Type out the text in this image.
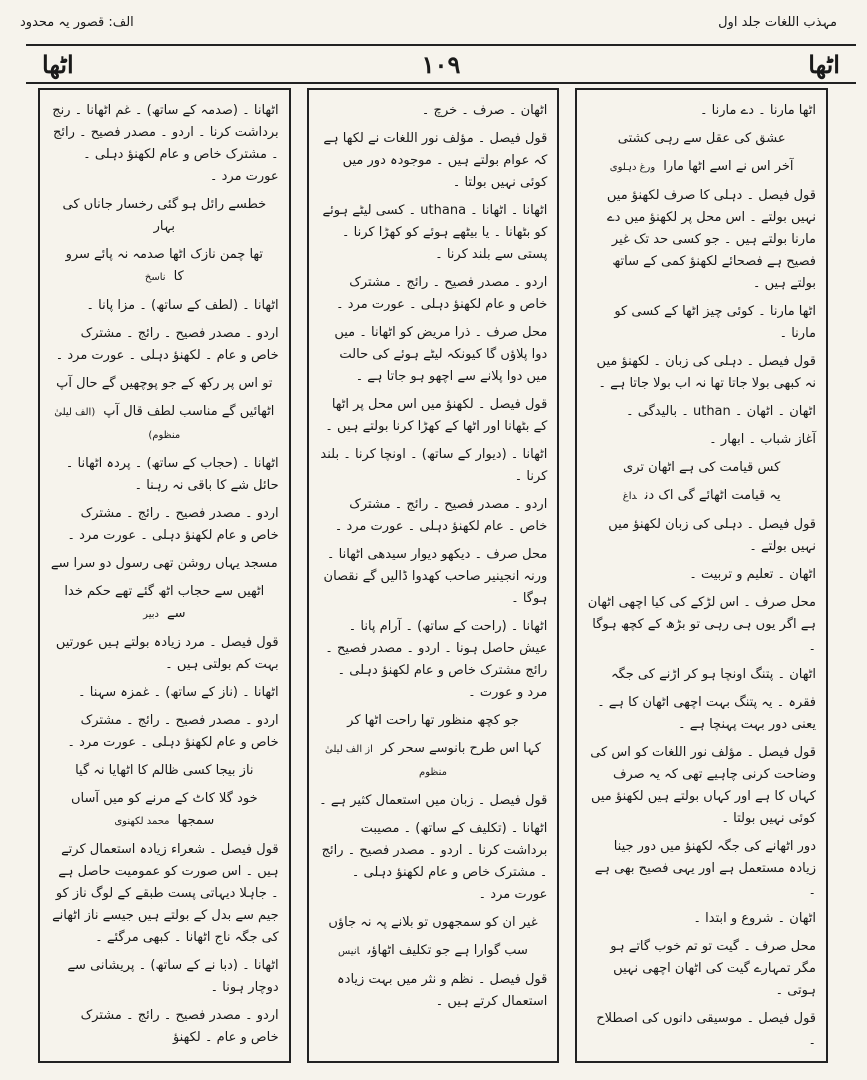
مہذب اللغات جلد اول
الف: قصور یہ محدود
اٹھا	۱۰۹	اٹھا

اٹھا مارنا ۔ دے مارنا ۔

عشق کی عقل سے رہی کشتی

آخر اس نے اسے اٹھا ماراورغ دہلوی

قول فیصل ۔ دہلی کا صرف لکھنؤ میں نہیں بولتے ۔ اس محل پر لکھنؤ میں دے مارنا بولتے ہیں ۔ جو کسی حد تک غیر فصیح ہے فصحائے لکھنؤ کمی کے ساتھ بولتے ہیں ۔

اٹھا مارنا ۔ کوئی چیز اٹھا کے کسی کو مارنا ۔

قول فیصل ۔ دہلی کی زبان ۔ لکھنؤ میں نہ کبھی بولا جاتا تھا نہ اب بولا جاتا ہے ۔

اٹھان ۔ اٹھان ۔ uthan ۔ بالیدگی ۔

آغاز شباب ۔ ابھار ۔

کس قیامت کی ہے اٹھان تری

یہ قیامت اٹھائے گی اک دنداغ

قول فیصل ۔ دہلی کی زبان لکھنؤ میں نہیں بولتے ۔

اٹھان ۔ تعلیم و تربیت ۔

محل صرف ۔ اس لڑکے کی کیا اچھی اٹھان ہے اگر یوں ہی رہی تو بڑھ کے کچھ ہوگا ۔

اٹھان ۔ پتنگ اونچا ہو کر اڑنے کی جگہ

فقرہ ۔ یہ پتنگ بہت اچھی اٹھان کا ہے ۔ یعنی دور بہت پہنچا ہے ۔

قول فیصل ۔ مؤلف نور اللغات کو اس کی وضاحت کرنی چاہیے تھی کہ یہ صرف کہاں کا ہے اور کہاں بولتے ہیں لکھنؤ میں کوئی نہیں بولتا ۔

دور اٹھانے کی جگہ لکھنؤ میں دور جینا زیادہ مستعمل ہے اور یہی فصیح بھی ہے ۔

اٹھان ۔ شروع و ابتدا ۔

محل صرف ۔ گیت تو تم خوب گاتے ہو مگر تمہارے گیت کی اٹھان اچھی نہیں ہوتی ۔

قول فیصل ۔ موسیقی دانوں کی اصطلاح ۔

اٹھان ۔ صرف ۔ خرچ ۔

قول فیصل ۔ مؤلف نور اللغات نے لکھا ہے کہ عوام بولتے ہیں ۔ موجودہ دور میں کوئی نہیں بولتا ۔

اٹھانا ۔ اٹھانا ۔ uthana ۔ کسی لیٹے ہوئے کو بٹھانا ۔ یا بیٹھے ہوئے کو کھڑا کرنا ۔ پستی سے بلند کرنا ۔

اردو ۔ مصدر فصیح ۔ رائج ۔ مشترک خاص و عام لکھنؤ دہلی ۔ عورت مرد ۔

محل صرف ۔ ذرا مریض کو اٹھانا ۔ میں دوا پلاؤں گا کیونکہ لیٹے ہوئے کی حالت میں دوا پلانے سے اچھو ہو جاتا ہے ۔

قول فیصل ۔ لکھنؤ میں اس محل پر اٹھا کے بٹھانا اور اٹھا کے کھڑا کرنا بولتے ہیں ۔

اٹھانا ۔ (دیوار کے ساتھ) ۔ اونچا کرنا ۔ بلند کرنا ۔

اردو ۔ مصدر فصیح ۔ رائج ۔ مشترک خاص ۔ عام لکھنؤ دہلی ۔ عورت مرد ۔

محل صرف ۔ دیکھو دیوار سیدھی اٹھانا ۔ ورنہ انجینیر صاحب کھدوا ڈالیں گے نقصان ہوگا ۔

اٹھانا ۔ (راحت کے ساتھ) ۔ آرام پانا ۔ عیش حاصل ہونا ۔ اردو ۔ مصدر فصیح ۔ رائج مشترک خاص و عام لکھنؤ دہلی ۔ مرد و عورت ۔

جو کچھ منظور تھا راحت اٹھا کر

کہا اس طرح بانوسے سحر کراز الف لیلیٰ منظوم

قول فیصل ۔ زبان میں استعمال کثیر ہے ۔

اٹھانا ۔ (تکلیف کے ساتھ) ۔ مصیبت برداشت کرنا ۔ اردو ۔ مصدر فصیح ۔ رائج ۔ مشترک خاص و عام لکھنؤ دہلی ۔ عورت مرد ۔

غیر ان کو سمجھوں تو بلانے پہ نہ جاؤں

سب گوارا ہے جو تکلیف اٹھاؤںانیس

قول فیصل ۔ نظم و نثر میں بہت زیادہ استعمال کرتے ہیں ۔

اٹھانا ۔ (صدمہ کے ساتھ) ۔ غم اٹھانا ۔ رنج برداشت کرنا ۔ اردو ۔ مصدر فصیح ۔ رائج ۔ مشترک خاص و عام لکھنؤ دہلی ۔ عورت مرد ۔

خطسے رائل ہو گئی رخسار جاناں کی بہار

تھا چمن نازک اٹھا صدمہ نہ پائے سرو کاناسخ

اٹھانا ۔ (لطف کے ساتھ) ۔ مزا پانا ۔

اردو ۔ مصدر فصیح ۔ رائج ۔ مشترک خاص و عام ۔ لکھنؤ دہلی ۔ عورت مرد ۔

تو اس پر رکھ کے جو پوچھیں گے حال آپ

اٹھائیں گے مناسب لطف قال آپ(الف لیلیٰ منظوم)

اٹھانا ۔ (حجاب کے ساتھ) ۔ پردہ اٹھانا ۔ حائل شے کا باقی نہ رہنا ۔

اردو ۔ مصدر فصیح ۔ رائج ۔ مشترک خاص و عام لکھنؤ دہلی ۔ عورت مرد ۔

مسجد یہاں روشن تھی رسول دو سرا سے

اٹھیں سے حجاب اٹھ گئے تھے حکم خدا سےدبیر

قول فیصل ۔ مرد زیادہ بولتے ہیں عورتیں بہت کم بولتی ہیں ۔

اٹھانا ۔ (ناز کے ساتھ) ۔ غمزہ سہنا ۔

اردو ۔ مصدر فصیح ۔ رائج ۔ مشترک خاص و عام لکھنؤ دہلی ۔ عورت مرد ۔

ناز بیجا کسی ظالم کا اٹھایا نہ گیا

خود گلا کاٹ کے مرنے کو میں آساں سمجھامحمد لکھنوی

قول فیصل ۔ شعراء زیادہ استعمال کرتے ہیں ۔ اس صورت کو عمومیت حاصل ہے ۔ جاہلا دیہاتی پست طبقے کے لوگ ناز کو جیم سے بدل کے بولتے ہیں جیسے ناز اٹھانے کی جگہ ناج اٹھانا ۔ کبھی مرگئے ۔

اٹھانا ۔ (دبا نے کے ساتھ) ۔ پریشانی سے دوچار ہونا ۔

اردو ۔ مصدر فصیح ۔ رائج ۔ مشترک خاص و عام ۔ لکھنؤ
